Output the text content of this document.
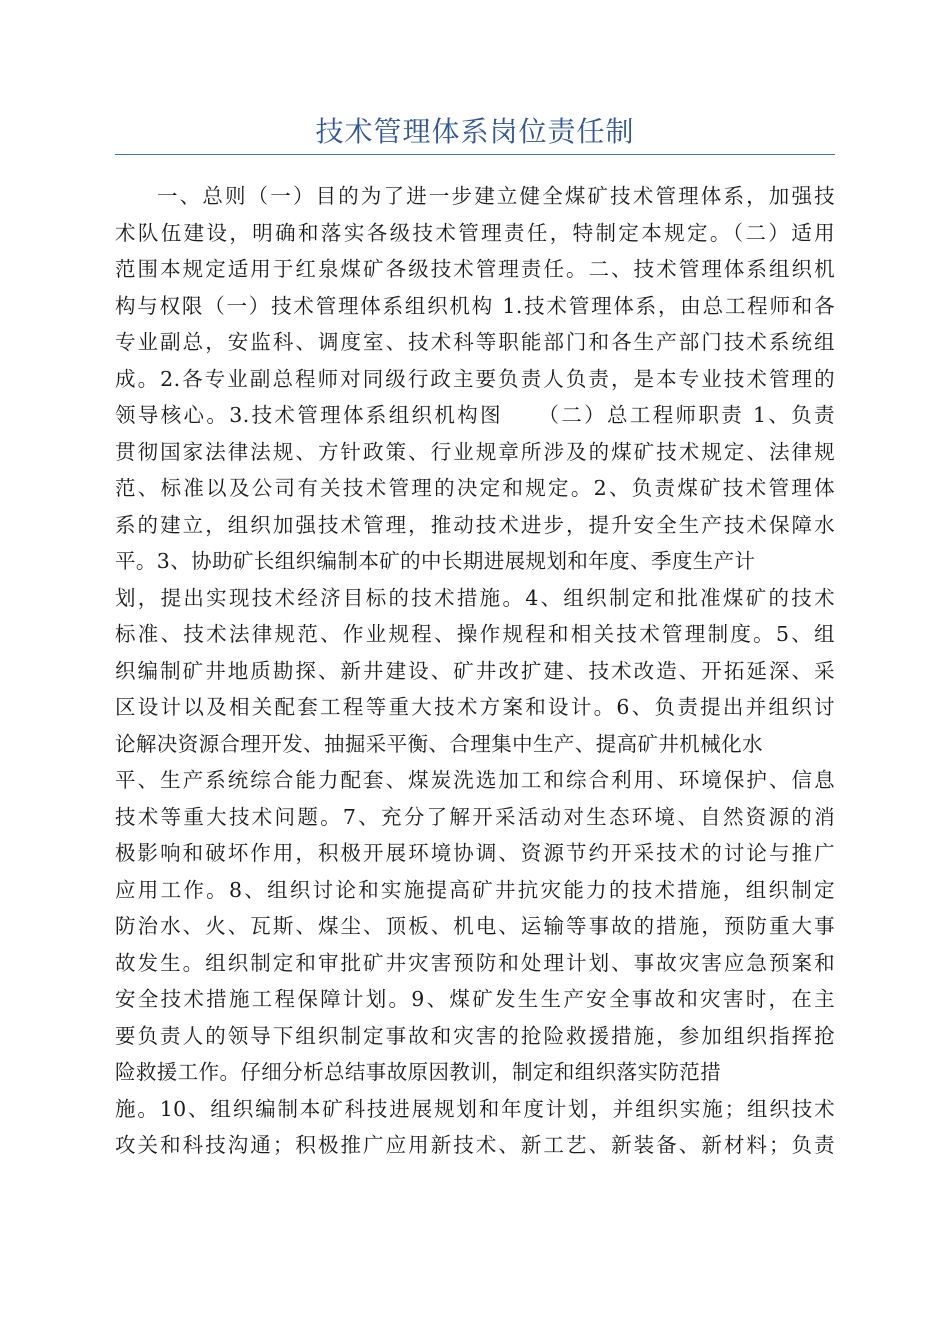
技术管理体系岗位责任制
一、总则（一）目的为了进一步建立健全煤矿技术管理体系，加强技
术队伍建设，明确和落实各级技术管理责任，特制定本规定。（二）适用
范围本规定适用于红泉煤矿各级技术管理责任。二、技术管理体系组织机
构与权限（一）技术管理体系组织机构 1.技术管理体系，由总工程师和各
专业副总，安监科、调度室、技术科等职能部门和各生产部门技术系统组
成。2.各专业副总程师对同级行政主要负责人负责，是本专业技术管理的
领导核心。3.技术管理体系组织机构图　　（二）总工程师职责 1、负责
贯彻国家法律法规、方针政策、行业规章所涉及的煤矿技术规定、法律规
范、标准以及公司有关技术管理的决定和规定。2、负责煤矿技术管理体
系的建立，组织加强技术管理，推动技术进步，提升安全生产技术保障水
平。3、协助矿长组织编制本矿的中长期进展规划和年度、季度生产计
划，提出实现技术经济目标的技术措施。4、组织制定和批准煤矿的技术
标准、技术法律规范、作业规程、操作规程和相关技术管理制度。5、组
织编制矿井地质勘探、新井建设、矿井改扩建、技术改造、开拓延深、采
区设计以及相关配套工程等重大技术方案和设计。6、负责提出并组织讨
论解决资源合理开发、抽掘采平衡、合理集中生产、提高矿井机械化水
平、生产系统综合能力配套、煤炭洗选加工和综合利用、环境保护、信息
技术等重大技术问题。7、充分了解开采活动对生态环境、自然资源的消
极影响和破坏作用，积极开展环境协调、资源节约开采技术的讨论与推广
应用工作。8、组织讨论和实施提高矿井抗灾能力的技术措施，组织制定
防治水、火、瓦斯、煤尘、顶板、机电、运输等事故的措施，预防重大事
故发生。组织制定和审批矿井灾害预防和处理计划、事故灾害应急预案和
安全技术措施工程保障计划。9、煤矿发生生产安全事故和灾害时，在主
要负责人的领导下组织制定事故和灾害的抢险救援措施，参加组织指挥抢
险救援工作。仔细分析总结事故原因教训，制定和组织落实防范措
施。10、组织编制本矿科技进展规划和年度计划，并组织实施；组织技术
攻关和科技沟通；积极推广应用新技术、新工艺、新装备、新材料；负责
